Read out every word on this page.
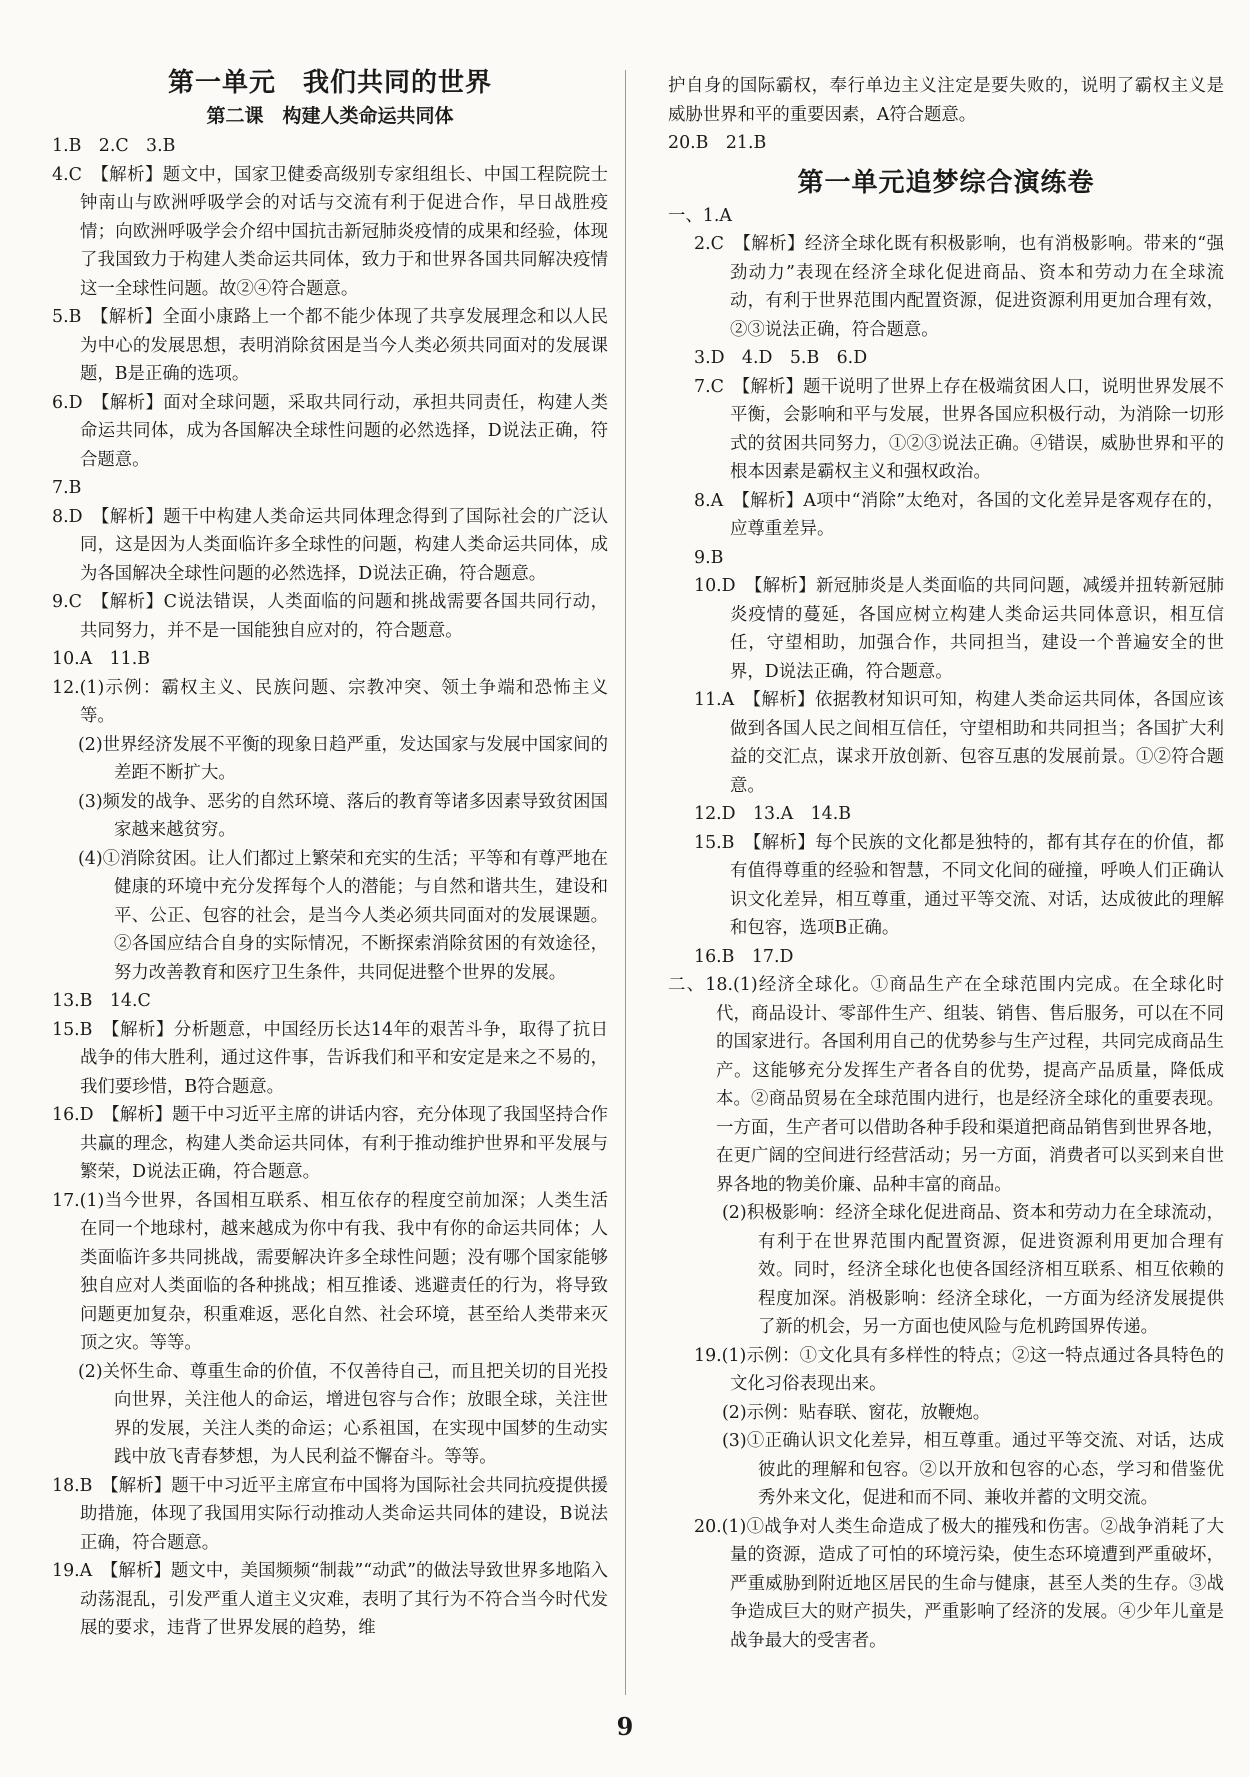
第一单元　我们共同的世界
第二课　构建人类命运共同体
1.B　2.C　3.B
4.C　【解析】题文中，国家卫健委高级别专家组组长、中国工程院院士钟南山与欧洲呼吸学会的对话与交流有利于促进合作，早日战胜疫情；向欧洲呼吸学会介绍中国抗击新冠肺炎疫情的成果和经验，体现了我国致力于构建人类命运共同体，致力于和世界各国共同解决疫情这一全球性问题。故②④符合题意。
5.B　【解析】全面小康路上一个都不能少体现了共享发展理念和以人民为中心的发展思想，表明消除贫困是当今人类必须共同面对的发展课题，B是正确的选项。
6.D　【解析】面对全球问题，采取共同行动，承担共同责任，构建人类命运共同体，成为各国解决全球性问题的必然选择，D说法正确，符合题意。
7.B
8.D　【解析】题干中构建人类命运共同体理念得到了国际社会的广泛认同，这是因为人类面临许多全球性的问题，构建人类命运共同体，成为各国解决全球性问题的必然选择，D说法正确，符合题意。
9.C　【解析】C说法错误，人类面临的问题和挑战需要各国共同行动，共同努力，并不是一国能独自应对的，符合题意。
10.A　11.B
12.(1)示例：霸权主义、民族问题、宗教冲突、领土争端和恐怖主义等。
(2)世界经济发展不平衡的现象日趋严重，发达国家与发展中国家间的差距不断扩大。
(3)频发的战争、恶劣的自然环境、落后的教育等诸多因素导致贫困国家越来越贫穷。
(4)①消除贫困。让人们都过上繁荣和充实的生活；平等和有尊严地在健康的环境中充分发挥每个人的潜能；与自然和谐共生，建设和平、公正、包容的社会，是当今人类必须共同面对的发展课题。②各国应结合自身的实际情况，不断探索消除贫困的有效途径，努力改善教育和医疗卫生条件，共同促进整个世界的发展。
13.B　14.C
15.B　【解析】分析题意，中国经历长达14年的艰苦斗争，取得了抗日战争的伟大胜利，通过这件事，告诉我们和平和安定是来之不易的，我们要珍惜，B符合题意。
16.D　【解析】题干中习近平主席的讲话内容，充分体现了我国坚持合作共赢的理念，构建人类命运共同体，有利于推动维护世界和平发展与繁荣，D说法正确，符合题意。
17.(1)当今世界，各国相互联系、相互依存的程度空前加深；人类生活在同一个地球村，越来越成为你中有我、我中有你的命运共同体；人类面临许多共同挑战，需要解决许多全球性问题；没有哪个国家能够独自应对人类面临的各种挑战；相互推诿、逃避责任的行为，将导致问题更加复杂，积重难返，恶化自然、社会环境，甚至给人类带来灭顶之灾。等等。
(2)关怀生命、尊重生命的价值，不仅善待自己，而且把关切的目光投向世界，关注他人的命运，增进包容与合作；放眼全球，关注世界的发展，关注人类的命运；心系祖国，在实现中国梦的生动实践中放飞青春梦想，为人民利益不懈奋斗。等等。
18.B　【解析】题干中习近平主席宣布中国将为国际社会共同抗疫提供援助措施，体现了我国用实际行动推动人类命运共同体的建设，B说法正确，符合题意。
19.A　【解析】题文中，美国频频“制裁”“动武”的做法导致世界多地陷入动荡混乱，引发严重人道主义灾难，表明了其行为不符合当今时代发展的要求，违背了世界发展的趋势，维
护自身的国际霸权，奉行单边主义注定是要失败的，说明了霸权主义是威胁世界和平的重要因素，A符合题意。
20.B　21.B
第一单元追梦综合演练卷
一、1.A
2.C　【解析】经济全球化既有积极影响，也有消极影响。带来的“强劲动力”表现在经济全球化促进商品、资本和劳动力在全球流动，有利于世界范围内配置资源，促进资源利用更加合理有效，②③说法正确，符合题意。
3.D　4.D　5.B　6.D
7.C　【解析】题干说明了世界上存在极端贫困人口，说明世界发展不平衡，会影响和平与发展，世界各国应积极行动，为消除一切形式的贫困共同努力，①②③说法正确。④错误，威胁世界和平的根本因素是霸权主义和强权政治。
8.A　【解析】A项中“消除”太绝对，各国的文化差异是客观存在的，应尊重差异。
9.B
10.D　【解析】新冠肺炎是人类面临的共同问题，减缓并扭转新冠肺炎疫情的蔓延，各国应树立构建人类命运共同体意识，相互信任，守望相助，加强合作，共同担当，建设一个普遍安全的世界，D说法正确，符合题意。
11.A　【解析】依据教材知识可知，构建人类命运共同体，各国应该做到各国人民之间相互信任，守望相助和共同担当；各国扩大利益的交汇点，谋求开放创新、包容互惠的发展前景。①②符合题意。
12.D　13.A　14.B
15.B　【解析】每个民族的文化都是独特的，都有其存在的价值，都有值得尊重的经验和智慧，不同文化间的碰撞，呼唤人们正确认识文化差异，相互尊重，通过平等交流、对话，达成彼此的理解和包容，选项B正确。
16.B　17.D
二、18.(1)经济全球化。①商品生产在全球范围内完成。在全球化时代，商品设计、零部件生产、组装、销售、售后服务，可以在不同的国家进行。各国利用自己的优势参与生产过程，共同完成商品生产。这能够充分发挥生产者各自的优势，提高产品质量，降低成本。②商品贸易在全球范围内进行，也是经济全球化的重要表现。一方面，生产者可以借助各种手段和渠道把商品销售到世界各地，在更广阔的空间进行经营活动；另一方面，消费者可以买到来自世界各地的物美价廉、品种丰富的商品。
(2)积极影响：经济全球化促进商品、资本和劳动力在全球流动，有利于在世界范围内配置资源，促进资源利用更加合理有效。同时，经济全球化也使各国经济相互联系、相互依赖的程度加深。消极影响：经济全球化，一方面为经济发展提供了新的机会，另一方面也使风险与危机跨国界传递。
19.(1)示例：①文化具有多样性的特点；②这一特点通过各具特色的文化习俗表现出来。
(2)示例：贴春联、窗花，放鞭炮。
(3)①正确认识文化差异，相互尊重。通过平等交流、对话，达成彼此的理解和包容。②以开放和包容的心态，学习和借鉴优秀外来文化，促进和而不同、兼收并蓄的文明交流。
20.(1)①战争对人类生命造成了极大的摧残和伤害。②战争消耗了大量的资源，造成了可怕的环境污染，使生态环境遭到严重破坏，严重威胁到附近地区居民的生命与健康，甚至人类的生存。③战争造成巨大的财产损失，严重影响了经济的发展。④少年儿童是战争最大的受害者。
9
